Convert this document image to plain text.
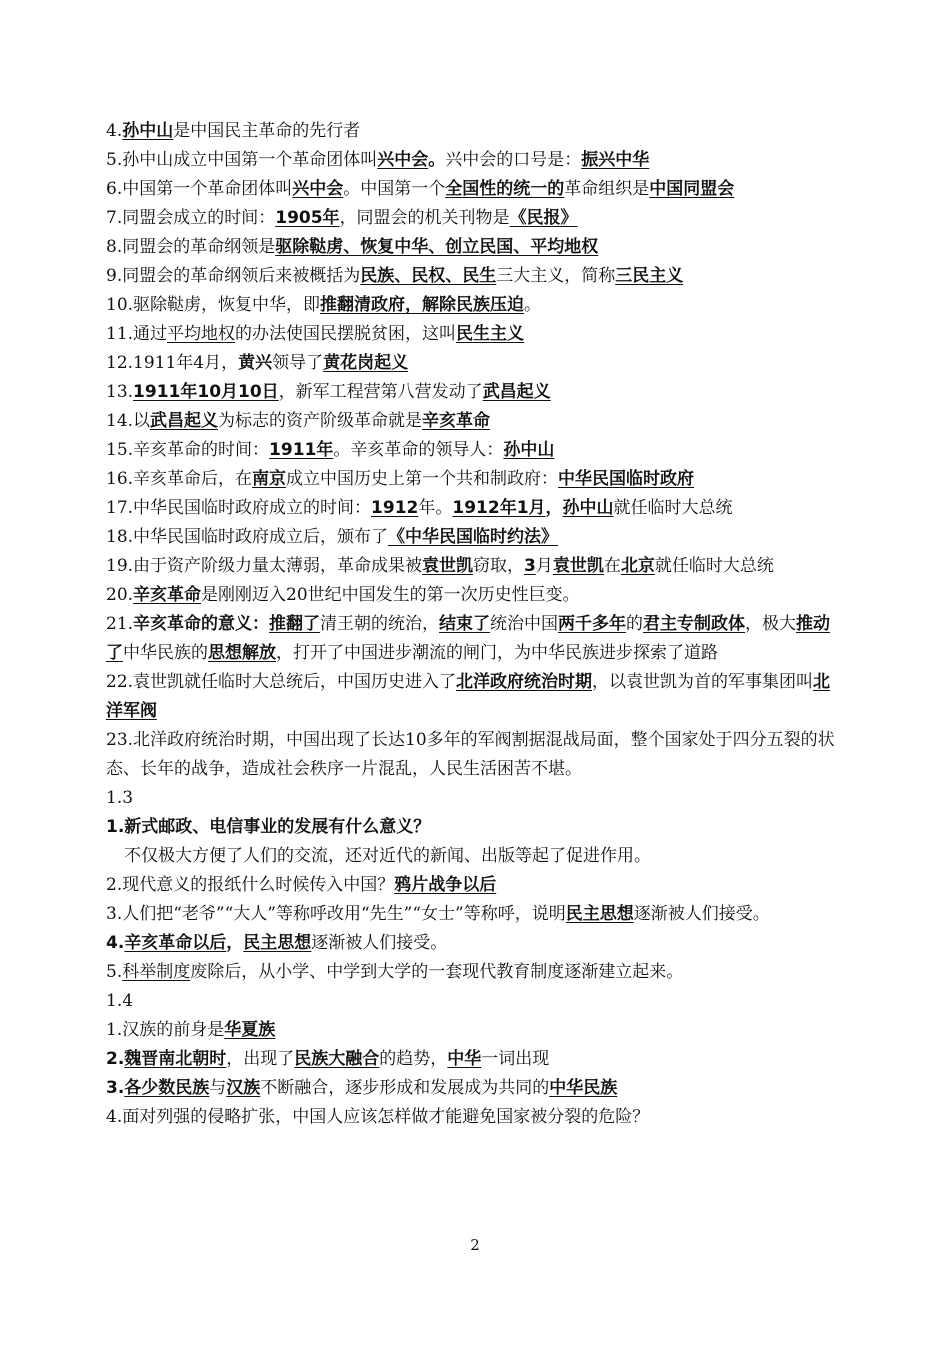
4.孙中山是中国民主革命的先行者
5.孙中山成立中国第一个革命团体叫兴中会。兴中会的口号是：振兴中华
6.中国第一个革命团体叫兴中会。中国第一个全国性的统一的革命组织是中国同盟会
7.同盟会成立的时间：1905年，同盟会的机关刊物是《民报》
8.同盟会的革命纲领是驱除鞑虏、恢复中华、创立民国、平均地权
9.同盟会的革命纲领后来被概括为民族、民权、民生三大主义，简称三民主义
10.驱除鞑虏，恢复中华，即推翻清政府，解除民族压迫。
11.通过平均地权的办法使国民摆脱贫困，这叫民生主义
12.1911年4月，黄兴领导了黄花岗起义
13.1911年10月10日，新军工程营第八营发动了武昌起义
14.以武昌起义为标志的资产阶级革命就是辛亥革命
15.辛亥革命的时间：1911年。辛亥革命的领导人：孙中山
16.辛亥革命后，在南京成立中国历史上第一个共和制政府：中华民国临时政府
17.中华民国临时政府成立的时间：1912年。1912年1月，孙中山就任临时大总统
18.中华民国临时政府成立后，颁布了《中华民国临时约法》
19.由于资产阶级力量太薄弱，革命成果被袁世凯窃取，3月袁世凯在北京就任临时大总统
20.辛亥革命是刚刚迈入20世纪中国发生的第一次历史性巨变。
21.辛亥革命的意义：推翻了清王朝的统治，结束了统治中国两千多年的君主专制政体，极大推动了中华民族的思想解放，打开了中国进步潮流的闸门，为中华民族进步探索了道路
22.袁世凯就任临时大总统后，中国历史进入了北洋政府统治时期，以袁世凯为首的军事集团叫北洋军阀
23.北洋政府统治时期，中国出现了长达10多年的军阀割据混战局面，整个国家处于四分五裂的状态、长年的战争，造成社会秩序一片混乱，人民生活困苦不堪。
1.3
1.新式邮政、电信事业的发展有什么意义？
不仅极大方便了人们的交流，还对近代的新闻、出版等起了促进作用。
2.现代意义的报纸什么时候传入中国？鸦片战争以后
3.人们把“老爷”“大人”等称呼改用“先生”“女士”等称呼，说明民主思想逐渐被人们接受。
4.辛亥革命以后，民主思想逐渐被人们接受。
5.科举制度废除后，从小学、中学到大学的一套现代教育制度逐渐建立起来。
1.4
1.汉族的前身是华夏族
2.魏晋南北朝时，出现了民族大融合的趋势，中华一词出现
3.各少数民族与汉族不断融合，逐步形成和发展成为共同的中华民族
4.面对列强的侵略扩张，中国人应该怎样做才能避免国家被分裂的危险？
2
